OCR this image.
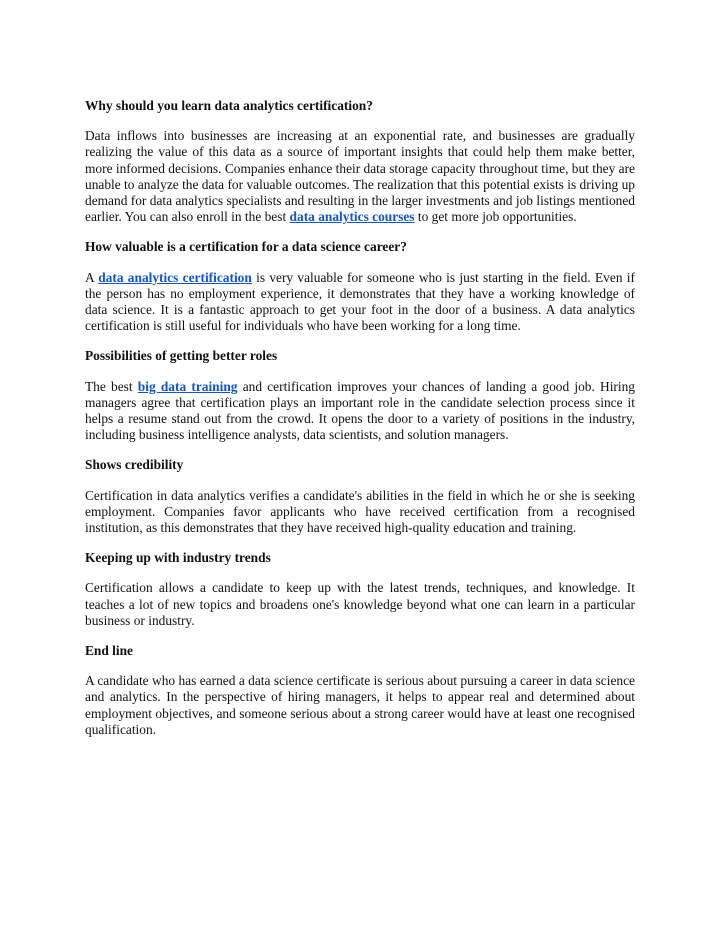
Why should you learn data analytics certification?

Data inflows into businesses are increasing at an exponential rate, and businesses are gradually realizing the value of this data as a source of important insights that could help them make better, more informed decisions. Companies enhance their data storage capacity throughout time, but they are unable to analyze the data for valuable outcomes. The realization that this potential exists is driving up demand for data analytics specialists and resulting in the larger investments and job listings mentioned earlier. You can also enroll in the best data analytics courses to get more job opportunities.

How valuable is a certification for a data science career?

A data analytics certification is very valuable for someone who is just starting in the field. Even if the person has no employment experience, it demonstrates that they have a working knowledge of data science. It is a fantastic approach to get your foot in the door of a business. A data analytics certification is still useful for individuals who have been working for a long time.

Possibilities of getting better roles

The best big data training and certification improves your chances of landing a good job. Hiring managers agree that certification plays an important role in the candidate selection process since it helps a resume stand out from the crowd. It opens the door to a variety of positions in the industry, including business intelligence analysts, data scientists, and solution managers.

Shows credibility

Certification in data analytics verifies a candidate's abilities in the field in which he or she is seeking employment. Companies favor applicants who have received certification from a recognised institution, as this demonstrates that they have received high-quality education and training.

Keeping up with industry trends

Certification allows a candidate to keep up with the latest trends, techniques, and knowledge. It teaches a lot of new topics and broadens one's knowledge beyond what one can learn in a particular business or industry.

End line

A candidate who has earned a data science certificate is serious about pursuing a career in data science and analytics. In the perspective of hiring managers, it helps to appear real and determined about employment objectives, and someone serious about a strong career would have at least one recognised qualification.
